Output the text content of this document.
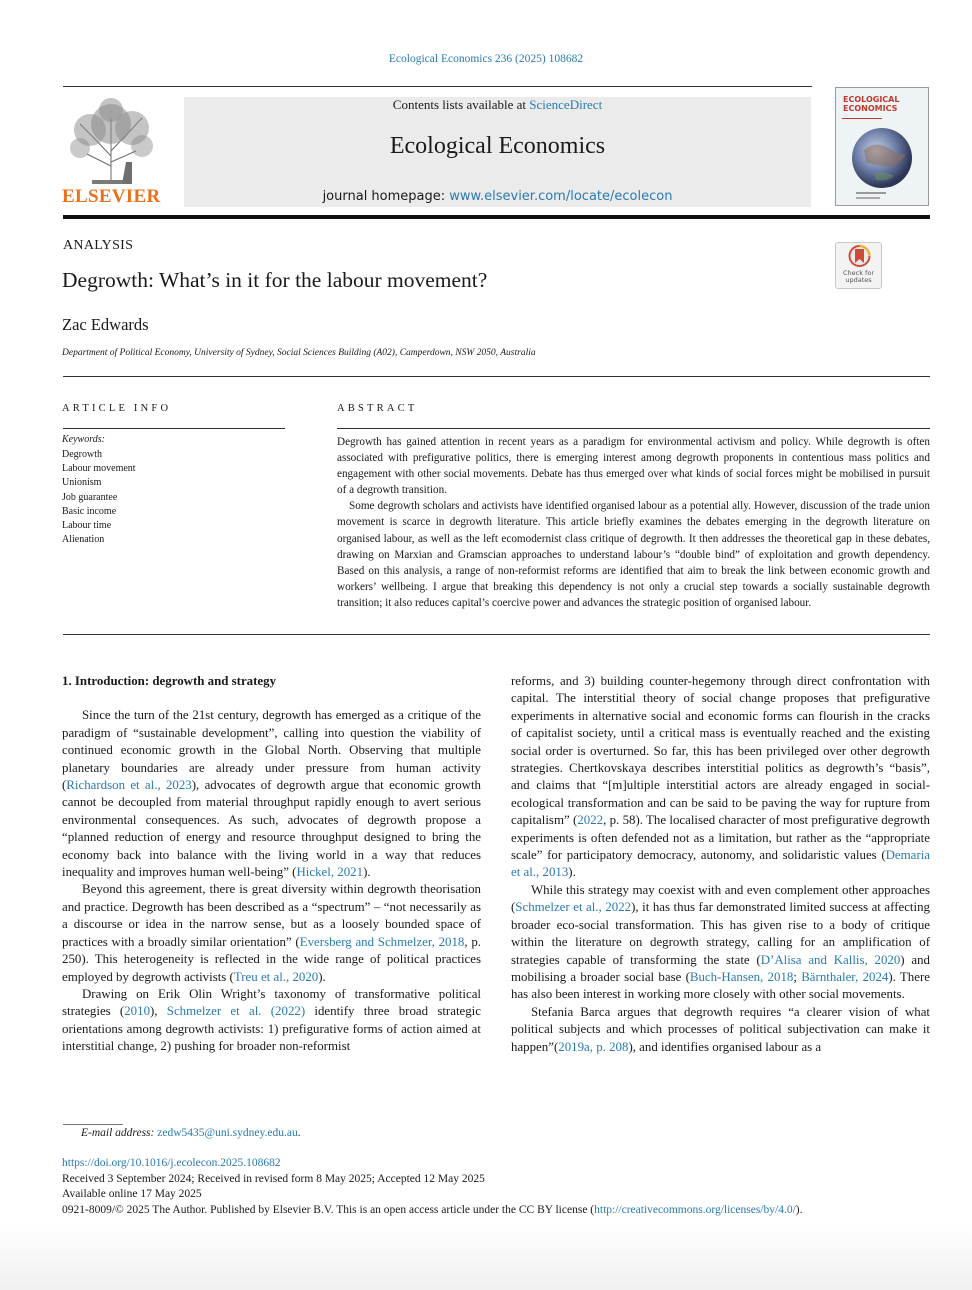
Ecological Economics 236 (2025) 108682
ELSEVIER
Contents lists available at ScienceDirect
Ecological Economics
journal homepage: www.elsevier.com/locate/ecolecon
ECOLOGICAL ECONOMICS
ANALYSIS
Degrowth: What’s in it for the labour movement?	Check for updates
Zac Edwards
Department of Political Economy, University of Sydney, Social Sciences Building (A02), Camperdown, NSW 2050, Australia
ARTICLE INFO
Keywords:
Degrowth
Labour movement
Unionism
Job guarantee
Basic income
Labour time
Alienation
ABSTRACT

Degrowth has gained attention in recent years as a paradigm for environmental activism and policy. While degrowth is often associated with prefigurative politics, there is emerging interest among degrowth proponents in contentious mass politics and engagement with other social movements. Debate has thus emerged over what kinds of social forces might be mobilised in pursuit of a degrowth transition.

Some degrowth scholars and activists have identified organised labour as a potential ally. However, discussion of the trade union movement is scarce in degrowth literature. This article briefly examines the debates emerging in the degrowth literature on organised labour, as well as the left ecomodernist class critique of degrowth. It then addresses the theoretical gap in these debates, drawing on Marxian and Gramscian approaches to understand labour’s “double bind” of exploitation and growth dependency. Based on this analysis, a range of non-reformist reforms are identified that aim to break the link between economic growth and workers’ wellbeing. I argue that breaking this dependency is not only a crucial step towards a socially sustainable degrowth transition; it also reduces capital’s coercive power and advances the strategic position of organised labour.

1. Introduction: degrowth and strategy

Since the turn of the 21st century, degrowth has emerged as a critique of the paradigm of “sustainable development”, calling into question the viability of continued economic growth in the Global North. Observing that multiple planetary boundaries are already under pressure from human activity (Richardson et al., 2023), advocates of degrowth argue that economic growth cannot be decoupled from material throughput rapidly enough to avert serious environmental consequences. As such, advocates of degrowth propose a “planned reduction of energy and resource throughput designed to bring the economy back into balance with the living world in a way that reduces inequality and improves human well-being” (Hickel, 2021).

Beyond this agreement, there is great diversity within degrowth theorisation and practice. Degrowth has been described as a “spectrum” – “not necessarily as a discourse or idea in the narrow sense, but as a loosely bounded space of practices with a broadly similar orientation” (Eversberg and Schmelzer, 2018, p. 250). This heterogeneity is reflected in the wide range of political practices employed by degrowth activists (Treu et al., 2020).

Drawing on Erik Olin Wright’s taxonomy of transformative political strategies (2010), Schmelzer et al. (2022) identify three broad strategic orientations among degrowth activists: 1) prefigurative forms of action aimed at interstitial change, 2) pushing for broader non-reformist

reforms, and 3) building counter-hegemony through direct confrontation with capital. The interstitial theory of social change proposes that prefigurative experiments in alternative social and economic forms can flourish in the cracks of capitalist society, until a critical mass is eventually reached and the existing social order is overturned. So far, this has been privileged over other degrowth strategies. Chertkovskaya describes interstitial politics as degrowth’s “basis”, and claims that “[m]ultiple interstitial actors are already engaged in social-ecological transformation and can be said to be paving the way for rupture from capitalism” (2022, p. 58). The localised character of most prefigurative degrowth experiments is often defended not as a limitation, but rather as the “appropriate scale” for participatory democracy, autonomy, and solidaristic values (Demaria et al., 2013).

While this strategy may coexist with and even complement other approaches (Schmelzer et al., 2022), it has thus far demonstrated limited success at affecting broader eco-social transformation. This has given rise to a body of critique within the literature on degrowth strategy, calling for an amplification of strategies capable of transforming the state (D’Alisa and Kallis, 2020) and mobilising a broader social base (Buch-Hansen, 2018; Bärnthaler, 2024). There has also been interest in working more closely with other social movements.

Stefania Barca argues that degrowth requires “a clearer vision of what political subjects and which processes of political subjectivation can make it happen”(2019a, p. 208), and identifies organised labour as a

E-mail address: zedw5435@uni.sydney.edu.au.
https://doi.org/10.1016/j.ecolecon.2025.108682
Received 3 September 2024; Received in revised form 8 May 2025; Accepted 12 May 2025
Available online 17 May 2025
0921-8009/© 2025 The Author. Published by Elsevier B.V. This is an open access article under the CC BY license (http://creativecommons.org/licenses/by/4.0/).
